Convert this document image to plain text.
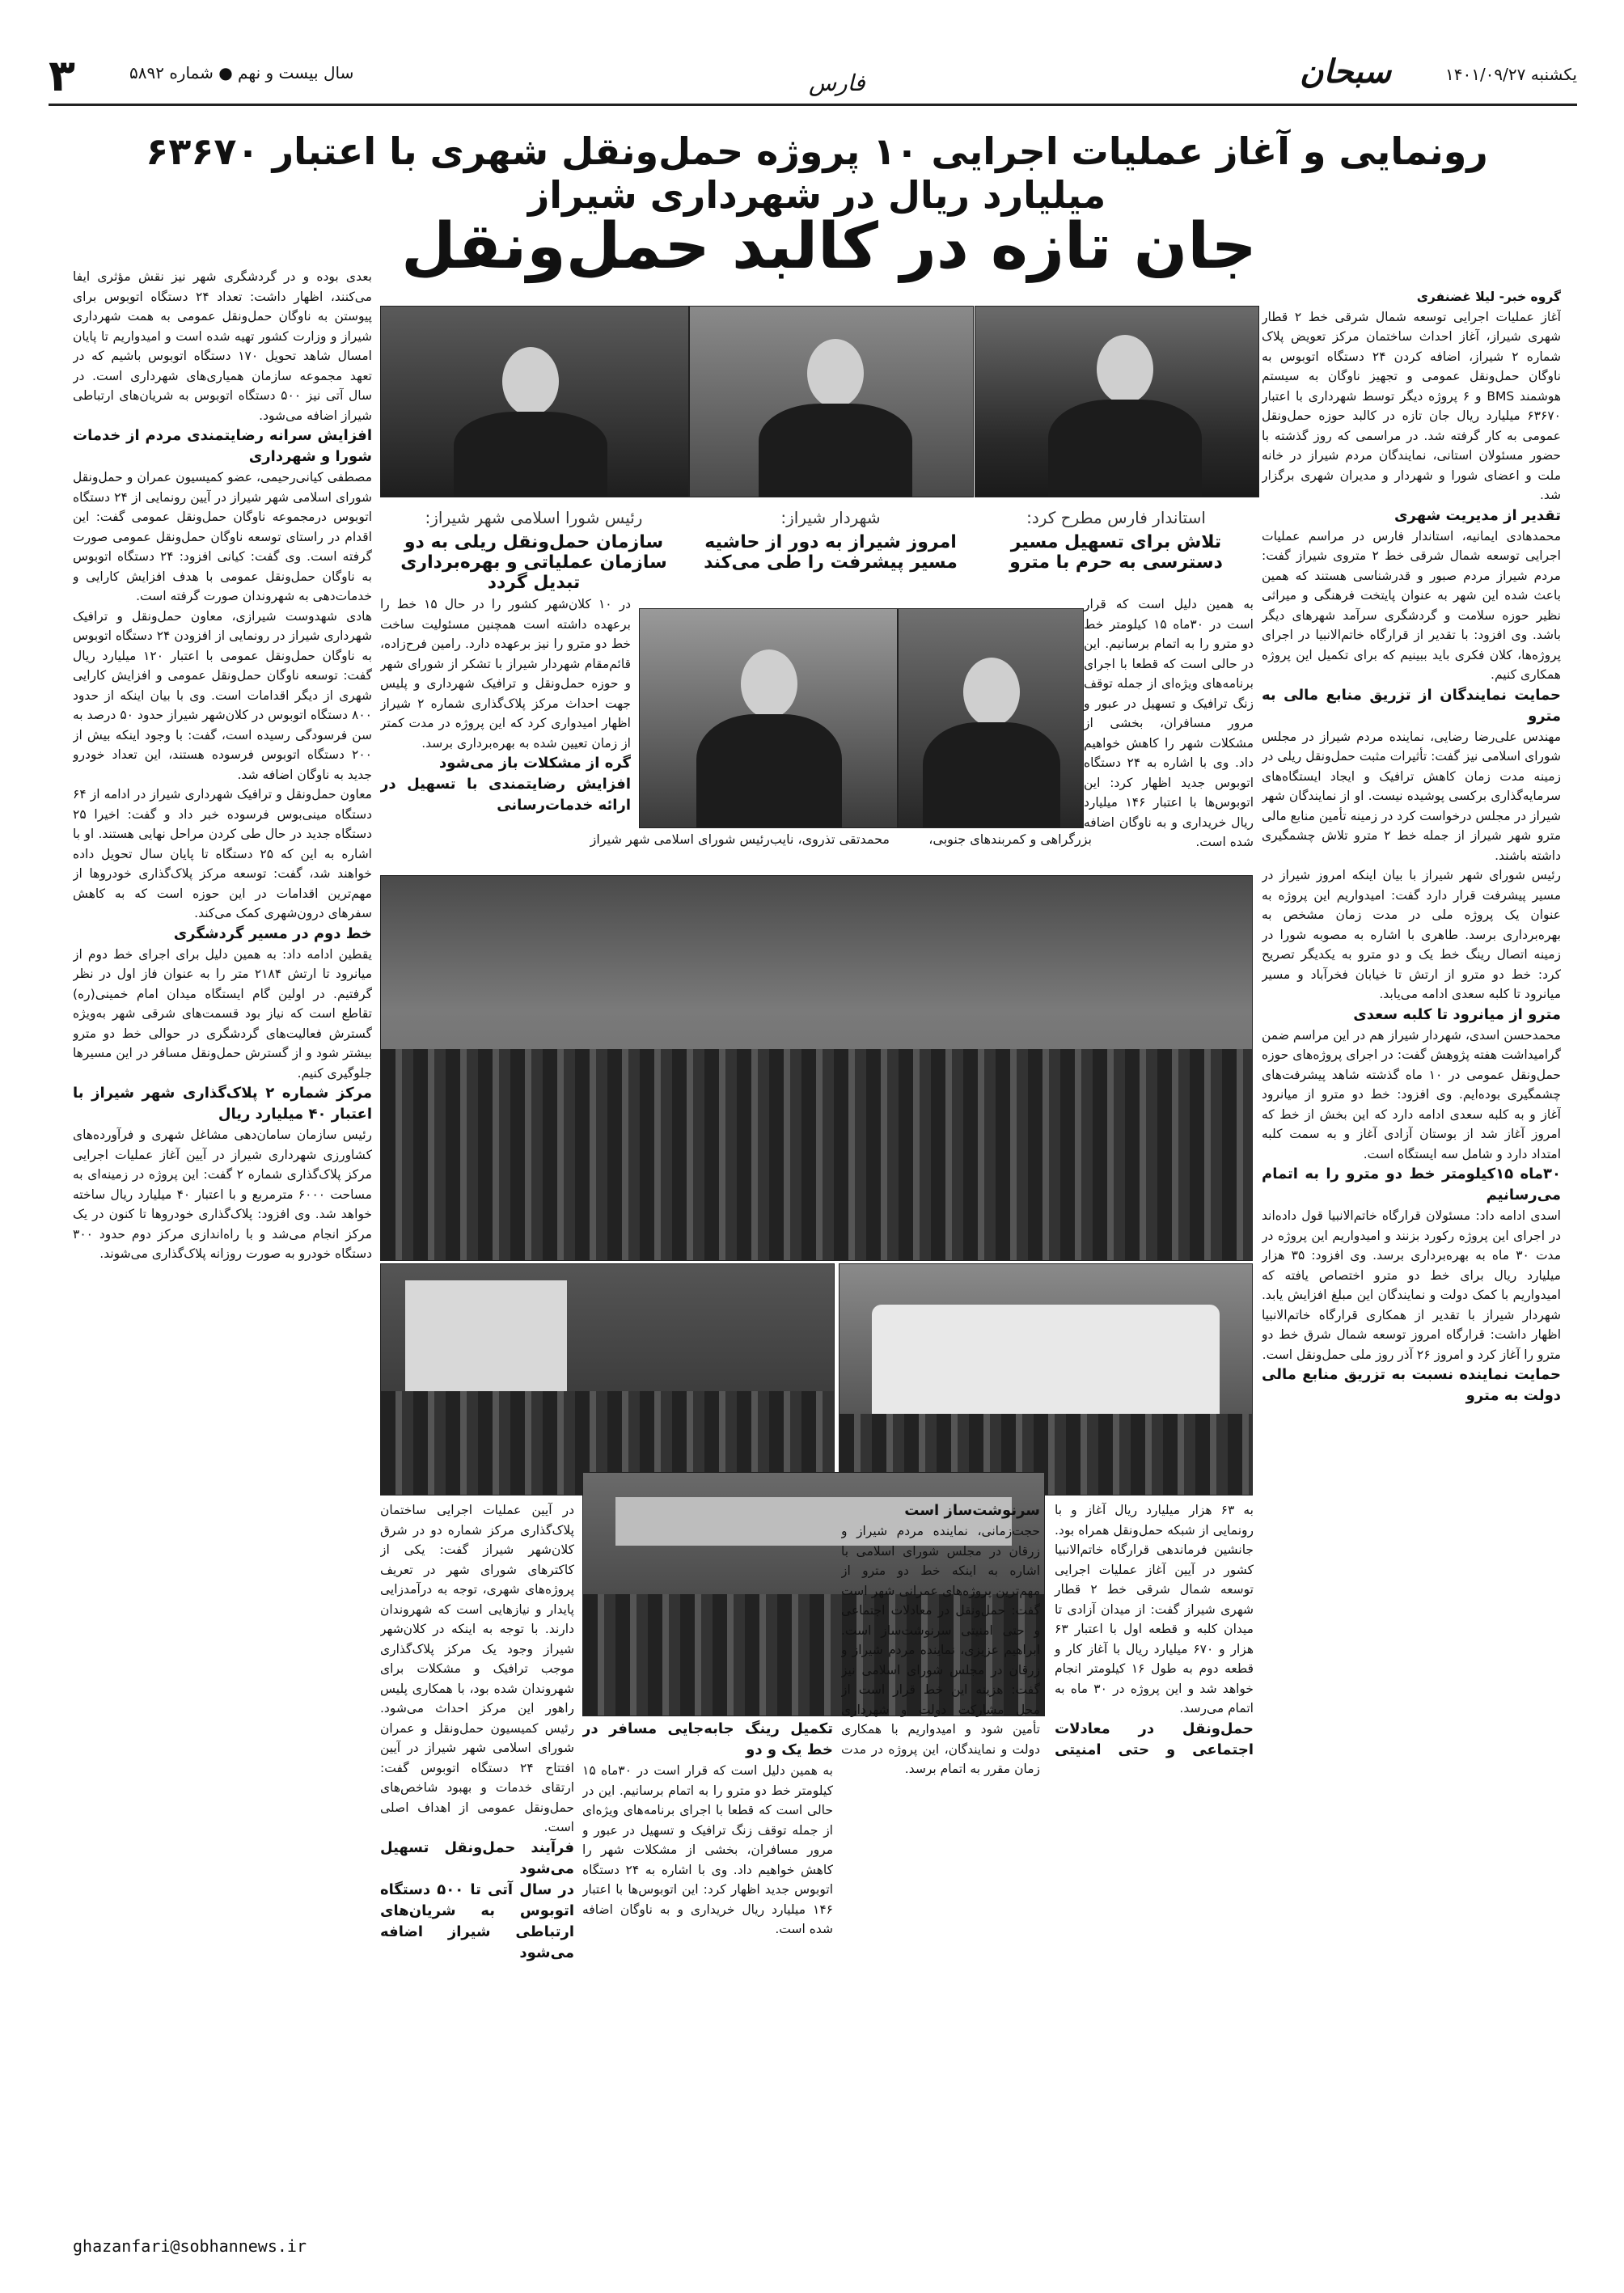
۳	سال بیست و نهم ● شماره ۵۸۹۲	فارس	سبحان	یکشنبه ۱۴۰۱/۰۹/۲۷
رونمایی و آغاز عملیات اجرایی ۱۰ پروژه حمل‌ونقل شهری با اعتبار ۶۳۶۷۰ میلیارد ریال در شهرداری شیراز
جان تازه در کالبد حمل‌ونقل
استاندار فارس مطرح کرد:
تلاش برای تسهیل مسیر دسترسی به حرم با مترو
شهردار شیراز:
امروز شیراز به دور از حاشیه مسیر پیشرفت را طی می‌کند
رئیس شورا اسلامی شهر شیراز:
سازمان حمل‌ونقل ریلی به دو سازمان عملیاتی و بهره‌برداری تبدیل گردد
بزرگراهی و کمربندهای جنوبی،
محمدتقی تذروی، نایب‌رئیس شورای اسلامی شهر شیراز

گروه خبر- لیلا غضنفری

آغاز عملیات اجرایی توسعه شمال شرقی خط ۲ قطار شهری شیراز، آغاز احداث ساختمان مرکز تعویض پلاک شماره ۲ شیراز، اضافه کردن ۲۴ دستگاه اتوبوس به ناوگان حمل‌ونقل عمومی و تجهیز ناوگان به سیستم هوشمند BMS و ۶ پروژه دیگر توسط شهرداری با اعتبار ۶۳۶۷۰ میلیارد ریال جان تازه در کالبد حوزه حمل‌ونقل عمومی به کار گرفته شد. در مراسمی که روز گذشته با حضور مسئولان استانی، نمایندگان مردم شیراز در خانه ملت و اعضای شورا و شهردار و مدیران شهری برگزار شد.

تقدیر از مدیریت شهری

محمدهادی ایمانیه، استاندار فارس در مراسم عملیات اجرایی توسعه شمال شرقی خط ۲ متروی شیراز گفت: مردم شیراز مردم صبور و قدرشناسی هستند که همین باعث شده این شهر به عنوان پایتخت فرهنگی و میراثی نظیر حوزه سلامت و گردشگری سرآمد شهرهای دیگر باشد. وی افزود: با تقدیر از قرارگاه خاتم‌الانبیا در اجرای پروژه‌ها، کلان فکری باید ببینیم که برای تکمیل این پروژه همکاری کنیم.

حمایت نمایندگان از تزریق منابع مالی به مترو

مهندس علی‌رضا رضایی، نماینده مردم شیراز در مجلس شورای اسلامی نیز گفت: تأثیرات مثبت حمل‌ونقل ریلی در زمینه مدت زمان کاهش ترافیک و ایجاد ایستگاه‌های سرمایه‌گذاری برکسی پوشیده نیست. او از نمایندگان شهر شیراز در مجلس درخواست کرد در زمینه تأمین منابع مالی مترو شهر شیراز از جمله خط ۲ مترو تلاش چشمگیری داشته باشند.

رئیس شورای شهر شیراز با بیان اینکه امروز شیراز در مسیر پیشرفت قرار دارد گفت: امیدواریم این پروژه به عنوان یک پروژه ملی در مدت زمان مشخص به بهره‌برداری برسد. طاهری با اشاره به مصوبه شورا در زمینه اتصال رینگ خط یک و دو مترو به یکدیگر تصریح کرد: خط دو مترو از ارتش تا خیابان فخرآباد و مسیر میانرود تا کلبه سعدی ادامه می‌یابد.

مترو از میانرود تا کلبه سعدی

محمدحسن اسدی، شهردار شیراز هم در این مراسم ضمن گرامیداشت هفته پژوهش گفت: در اجرای پروژه‌های حوزه حمل‌ونقل عمومی در ۱۰ ماه گذشته شاهد پیشرفت‌های چشمگیری بوده‌ایم. وی افزود: خط دو مترو از میانرود آغاز و به کلبه سعدی ادامه دارد که این بخش از خط که امروز آغاز شد از بوستان آزادی آغاز و به سمت کلبه امتداد دارد و شامل سه ایستگاه است.

۳۰ماه ۱۵کیلومتر خط دو مترو را به اتمام می‌رسانیم

اسدی ادامه داد: مسئولان قرارگاه خاتم‌الانبیا قول داده‌اند در اجرای این پروژه رکورد بزنند و امیدواریم این پروژه در مدت ۳۰ ماه به بهره‌برداری برسد. وی افزود: ۳۵ هزار میلیارد ریال برای خط دو مترو اختصاص یافته که امیدواریم با کمک دولت و نمایندگان این مبلغ افزایش یابد. شهردار شیراز با تقدیر از همکاری قرارگاه خاتم‌الانبیا اظهار داشت: قرارگاه امروز توسعه شمال شرق خط دو مترو را آغاز کرد و امروز ۲۶ آذر روز ملی حمل‌ونقل است.

حمایت نماینده نسبت به تزریق منابع مالی دولت به مترو

به همین دلیل است که قرار است در ۳۰ماه ۱۵ کیلومتر خط دو مترو را به اتمام برسانیم. این در حالی است که قطعا با اجرای برنامه‌های ویژه‌ای از جمله توقف زنگ ترافیک و تسهیل در عبور و مرور مسافران، بخشی از مشکلات شهر را کاهش خواهیم داد. وی با اشاره به ۲۴ دستگاه اتوبوس جدید اظهار کرد: این اتوبوس‌ها با اعتبار ۱۴۶ میلیارد ریال خریداری و به ناوگان اضافه شده است.

در ۱۰ کلان‌شهر کشور را در حال ۱۵ خط را برعهده داشته است همچنین مسئولیت ساخت خط دو مترو را نیز برعهده دارد. رامین فرح‌زاده، قائم‌مقام شهردار شیراز با تشکر از شورای شهر و حوزه حمل‌ونقل و ترافیک شهرداری و پلیس جهت احداث مرکز پلاک‌گذاری شماره ۲ شیراز اظهار امیدواری کرد که این پروژه در مدت کمتر از زمان تعیین شده به بهره‌برداری برسد.

گره از مشکلات باز می‌شود

افزایش رضایتمندی با تسهیل در ارائه خدمات‌رسانی

بعدی بوده و در گردشگری شهر نیز نقش مؤثری ایفا می‌کنند، اظهار داشت: تعداد ۲۴ دستگاه اتوبوس برای پیوستن به ناوگان حمل‌ونقل عمومی به همت شهرداری شیراز و وزارت کشور تهیه شده است و امیدواریم تا پایان امسال شاهد تحویل ۱۷۰ دستگاه اتوبوس باشیم که در تعهد مجموعه سازمان همیاری‌های شهرداری است. در سال آتی نیز ۵۰۰ دستگاه اتوبوس به شریان‌های ارتباطی شیراز اضافه می‌شود.

افزایش سرانه رضایتمندی مردم از خدمات شورا و شهرداری

مصطفی کیانی‌رحیمی، عضو کمیسیون عمران و حمل‌ونقل شورای اسلامی شهر شیراز در آیین رونمایی از ۲۴ دستگاه اتوبوس درمجموعه ناوگان حمل‌ونقل عمومی گفت: این اقدام در راستای توسعه ناوگان حمل‌ونقل عمومی صورت گرفته است. وی گفت: کیانی افزود: ۲۴ دستگاه اتوبوس به ناوگان حمل‌ونقل عمومی با هدف افزایش کارایی و خدمات‌دهی به شهروندان صورت گرفته است.

هادی شهدوست شیرازی، معاون حمل‌ونقل و ترافیک شهرداری شیراز در رونمایی از افزودن ۲۴ دستگاه اتوبوس به ناوگان حمل‌ونقل عمومی با اعتبار ۱۲۰ میلیارد ریال گفت: توسعه ناوگان حمل‌ونقل عمومی و افزایش کارایی شهری از دیگر اقدامات است. وی با بیان اینکه از حدود ۸۰۰ دستگاه اتوبوس در کلان‌شهر شیراز حدود ۵۰ درصد به سن فرسودگی رسیده است، گفت: با وجود اینکه بیش از ۲۰۰ دستگاه اتوبوس فرسوده هستند، این تعداد خودرو جدید به ناوگان اضافه شد.

معاون حمل‌ونقل و ترافیک شهرداری شیراز در ادامه از ۶۴ دستگاه مینی‌بوس فرسوده خبر داد و گفت: اخیرا ۲۵ دستگاه جدید در حال طی کردن مراحل نهایی هستند. او با اشاره به این که ۲۵ دستگاه تا پایان سال تحویل داده خواهند شد، گفت: توسعه مرکز پلاک‌گذاری خودروها از مهم‌ترین اقدامات در این حوزه است که به کاهش سفرهای درون‌شهری کمک می‌کند.

خط دوم در مسیر گردشگری

یقطین ادامه داد: به همین دلیل برای اجرای خط دوم از میانرود تا ارتش ۲۱۸۴ متر را به عنوان فاز اول در نظر گرفتیم. در اولین گام ایستگاه میدان امام خمینی(ره) تقاطع است که نیاز بود قسمت‌های شرقی شهر به‌ویژه گسترش فعالیت‌های گردشگری در حوالی خط دو مترو بیشتر شود و از گسترش حمل‌ونقل مسافر در این مسیرها جلوگیری کنیم.

مرکز شماره ۲ پلاک‌گذاری شهر شیراز با اعتبار ۴۰ میلیارد ریال

رئیس سازمان سامان‌دهی مشاغل شهری و فرآورده‌های کشاورزی شهرداری شیراز در آیین آغاز عملیات اجرایی مرکز پلاک‌گذاری شماره ۲ گفت: این پروژه در زمینه‌ای به مساحت ۶۰۰۰ مترمربع و با اعتبار ۴۰ میلیارد ریال ساخته خواهد شد. وی افزود: پلاک‌گذاری خودروها تا کنون در یک مرکز انجام می‌شد و با راه‌اندازی مرکز دوم حدود ۳۰۰ دستگاه خودرو به صورت روزانه پلاک‌گذاری می‌شوند.

به ۶۳ هزار میلیارد ریال آغاز و با رونمایی از شبکه حمل‌ونقل همراه بود. جانشین فرماندهی قرارگاه خاتم‌الانبیا کشور در آیین آغاز عملیات اجرایی توسعه شمال شرقی خط ۲ قطار شهری شیراز گفت: از میدان آزادی تا میدان کلبه و قطعه اول با اعتبار ۶۳ هزار و ۶۷۰ میلیارد ریال با آغاز کار و قطعه دوم به طول ۱۶ کیلومتر انجام خواهد شد و این پروژه در ۳۰ ماه به اتمام می‌رسد.

حمل‌ونقل در معادلات اجتماعی و حتی امنیتی سرنوشت‌ساز است

حجت‌زمانی، نماینده مردم شیراز و زرقان در مجلس شورای اسلامی با اشاره به اینکه خط دو مترو از مهم‌ترین پروژه‌های عمرانی شهر است گفت: حمل‌ونقل در معادلات اجتماعی و حتی امنیتی سرنوشت‌ساز است. ابراهیم عزیزی، نماینده مردم شیراز و زرقان در مجلس شورای اسلامی نیز گفت: هزینه این خط قرار است از محل مشارکت دولت و شهرداری تأمین شود و امیدواریم با همکاری دولت و نمایندگان، این پروژه در مدت زمان مقرر به اتمام برسد.

تکمیل رینگ جابه‌جایی مسافر در خط یک و دو

به همین دلیل است که قرار است در ۳۰ماه ۱۵ کیلومتر خط دو مترو را به اتمام برسانیم. این در حالی است که قطعا با اجرای برنامه‌های ویژه‌ای از جمله توقف زنگ ترافیک و تسهیل در عبور و مرور مسافران، بخشی از مشکلات شهر را کاهش خواهیم داد. وی با اشاره به ۲۴ دستگاه اتوبوس جدید اظهار کرد: این اتوبوس‌ها با اعتبار ۱۴۶ میلیارد ریال خریداری و به ناوگان اضافه شده است.

در آیین عملیات اجرایی ساختمان پلاک‌گذاری مرکز شماره دو در شرق کلان‌شهر شیراز گفت: یکی از کاکترهای شورای شهر در تعریف پروژه‌های شهری، توجه به درآمدزایی پایدار و نیازهایی است که شهروندان دارند. با توجه به اینکه در کلان‌شهر شیراز وجود یک مرکز پلاک‌گذاری موجب ترافیک و مشکلات برای شهروندان شده بود، با همکاری پلیس راهور این مرکز احداث می‌شود. رئیس کمیسیون حمل‌ونقل و عمران شورای اسلامی شهر شیراز در آیین افتتاح ۲۴ دستگاه اتوبوس گفت: ارتقای خدمات و بهبود شاخص‌های حمل‌ونقل عمومی از اهداف اصلی است.

فرآیند حمل‌ونقل تسهیل می‌شود

در سال آتی تا ۵۰۰ دستگاه اتوبوس به شریان‌های ارتباطی شیراز اضافه می‌شود

ghazanfari@sobhannews.ir
